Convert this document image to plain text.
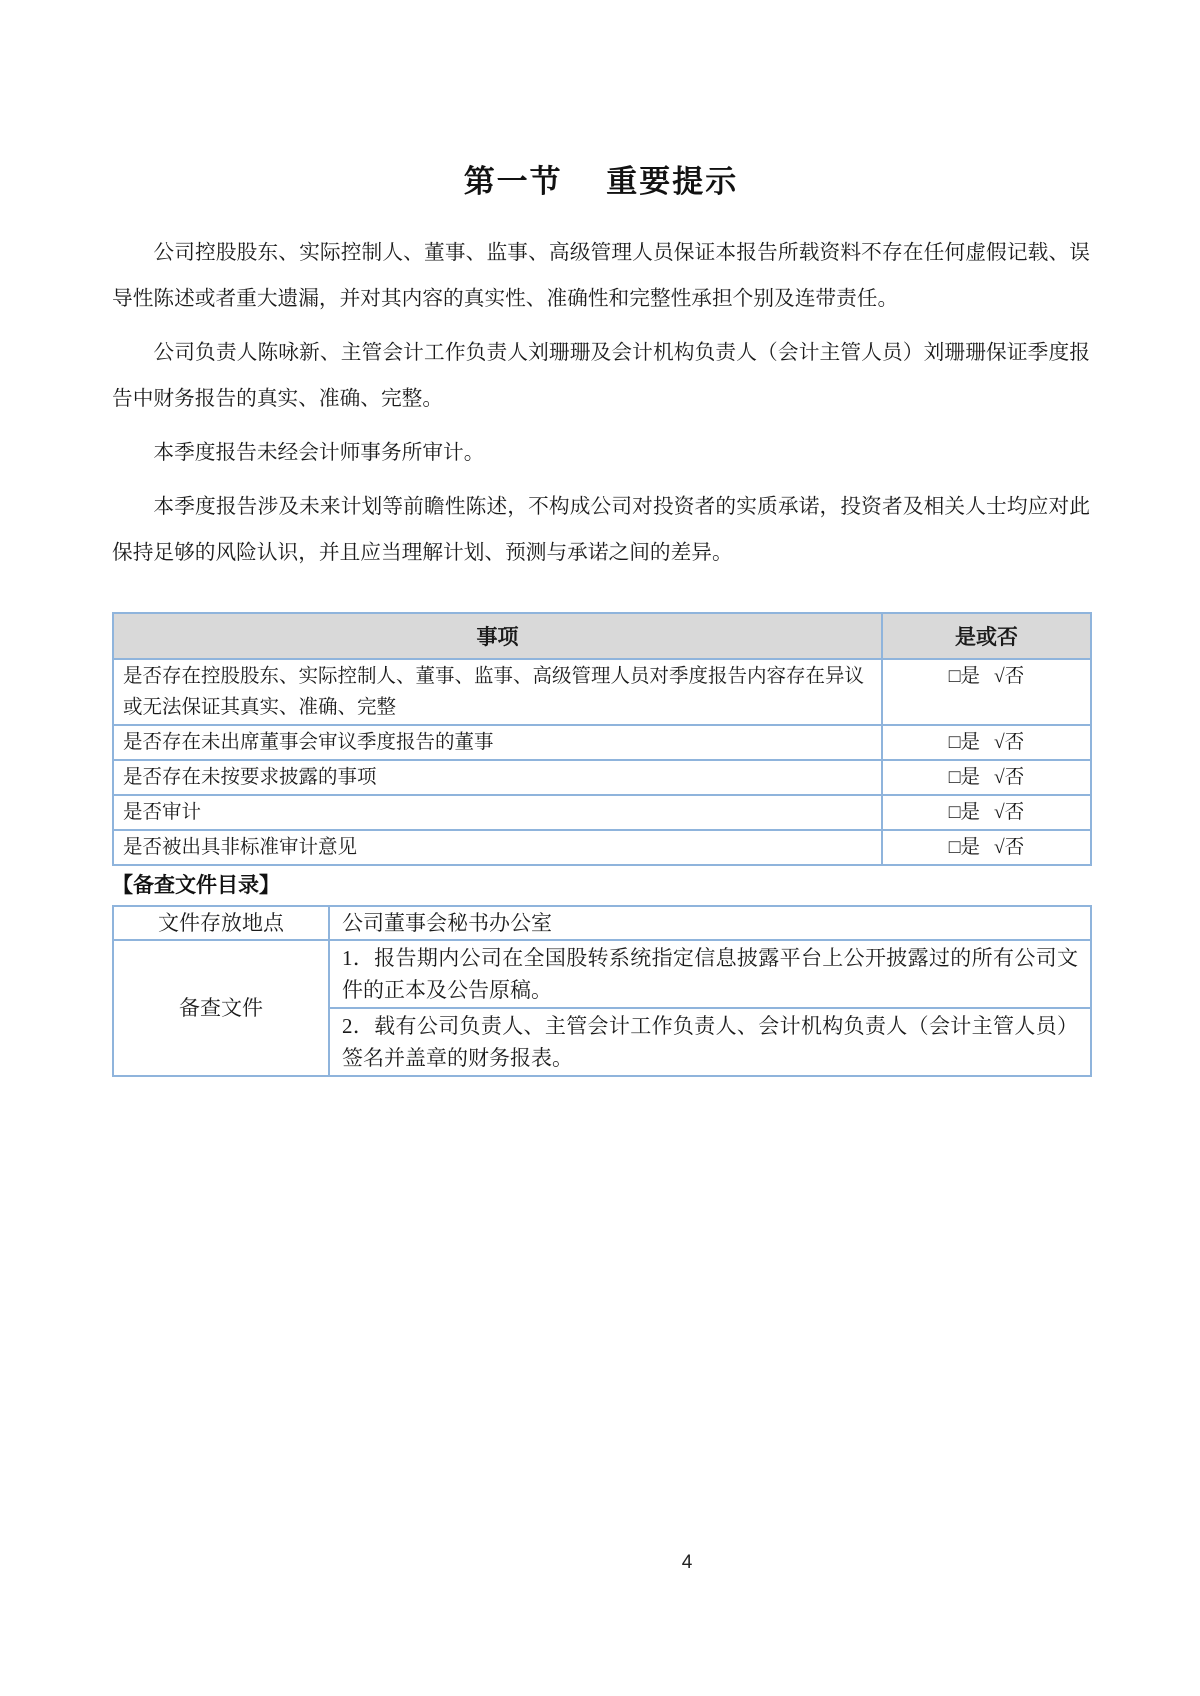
第一节　 重要提示

公司控股股东、实际控制人、董事、监事、高级管理人员保证本报告所载资料不存在任何虚假记载、误导性陈述或者重大遗漏，并对其内容的真实性、准确性和完整性承担个别及连带责任。

公司负责人陈咏新、主管会计工作负责人刘珊珊及会计机构负责人（会计主管人员）刘珊珊保证季度报告中财务报告的真实、准确、完整。

本季度报告未经会计师事务所审计。

本季度报告涉及未来计划等前瞻性陈述，不构成公司对投资者的实质承诺，投资者及相关人士均应对此保持足够的风险认识，并且应当理解计划、预测与承诺之间的差异。

事项	是或否
是否存在控股股东、实际控制人、董事、监事、高级管理人员对季度报告内容存在异议或无法保证其真实、准确、完整	□是 √否
是否存在未出席董事会审议季度报告的董事	□是 √否
是否存在未按要求披露的事项	□是 √否
是否审计	□是 √否
是否被出具非标准审计意见	□是 √否
【备查文件目录】
文件存放地点	公司董事会秘书办公室
备查文件	1．报告期内公司在全国股转系统指定信息披露平台上公开披露过的所有公司文件的正本及公告原稿。

	2．载有公司负责人、主管会计工作负责人、会计机构负责人（会计主管人员）签名并盖章的财务报表。

4
